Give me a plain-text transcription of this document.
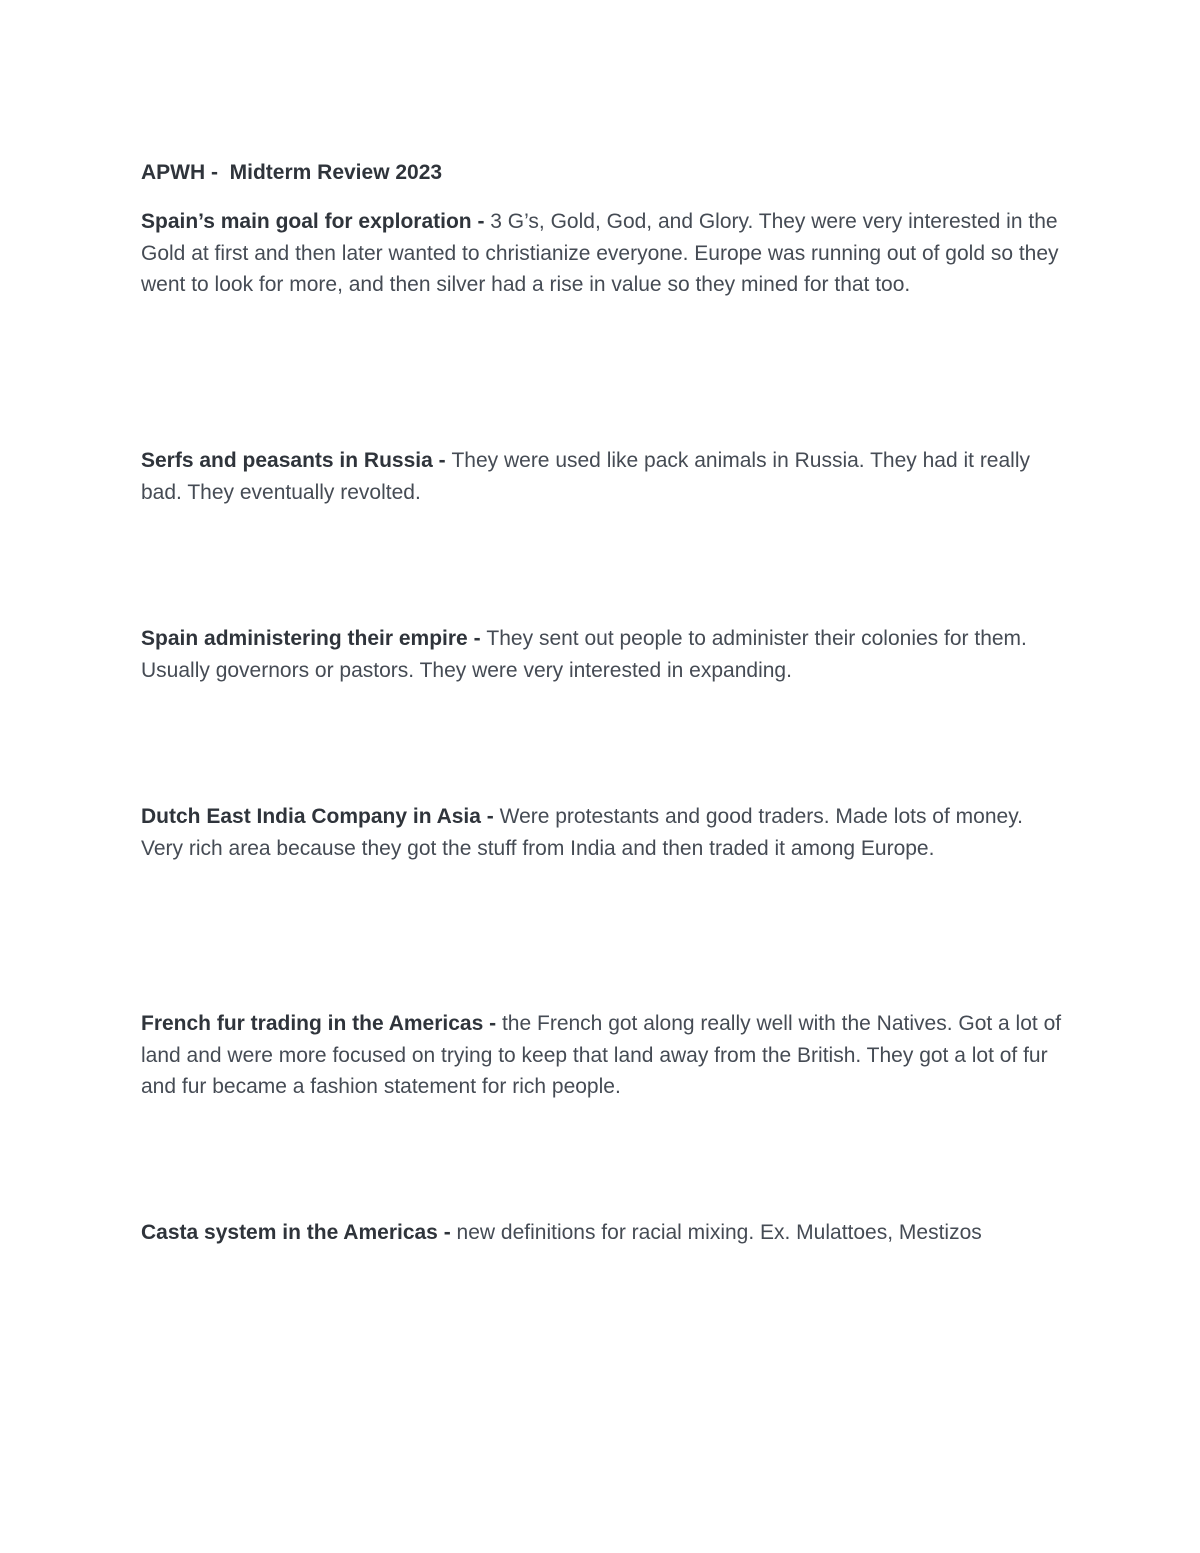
APWH -  Midterm Review 2023

Spain’s main goal for exploration - 3 G’s, Gold, God, and Glory. They were very interested in the Gold at first and then later wanted to christianize everyone. Europe was running out of gold so they went to look for more, and then silver had a rise in value so they mined for that too.

Serfs and peasants in Russia - They were used like pack animals in Russia. They had it really bad. They eventually revolted.

Spain administering their empire - They sent out people to administer their colonies for them. Usually governors or pastors. They were very interested in expanding.

Dutch East India Company in Asia - Were protestants and good traders. Made lots of money. Very rich area because they got the stuff from India and then traded it among Europe.

French fur trading in the Americas - the French got along really well with the Natives. Got a lot of land and were more focused on trying to keep that land away from the British. They got a lot of fur and fur became a fashion statement for rich people.

Casta system in the Americas - new definitions for racial mixing. Ex. Mulattoes, Mestizos
